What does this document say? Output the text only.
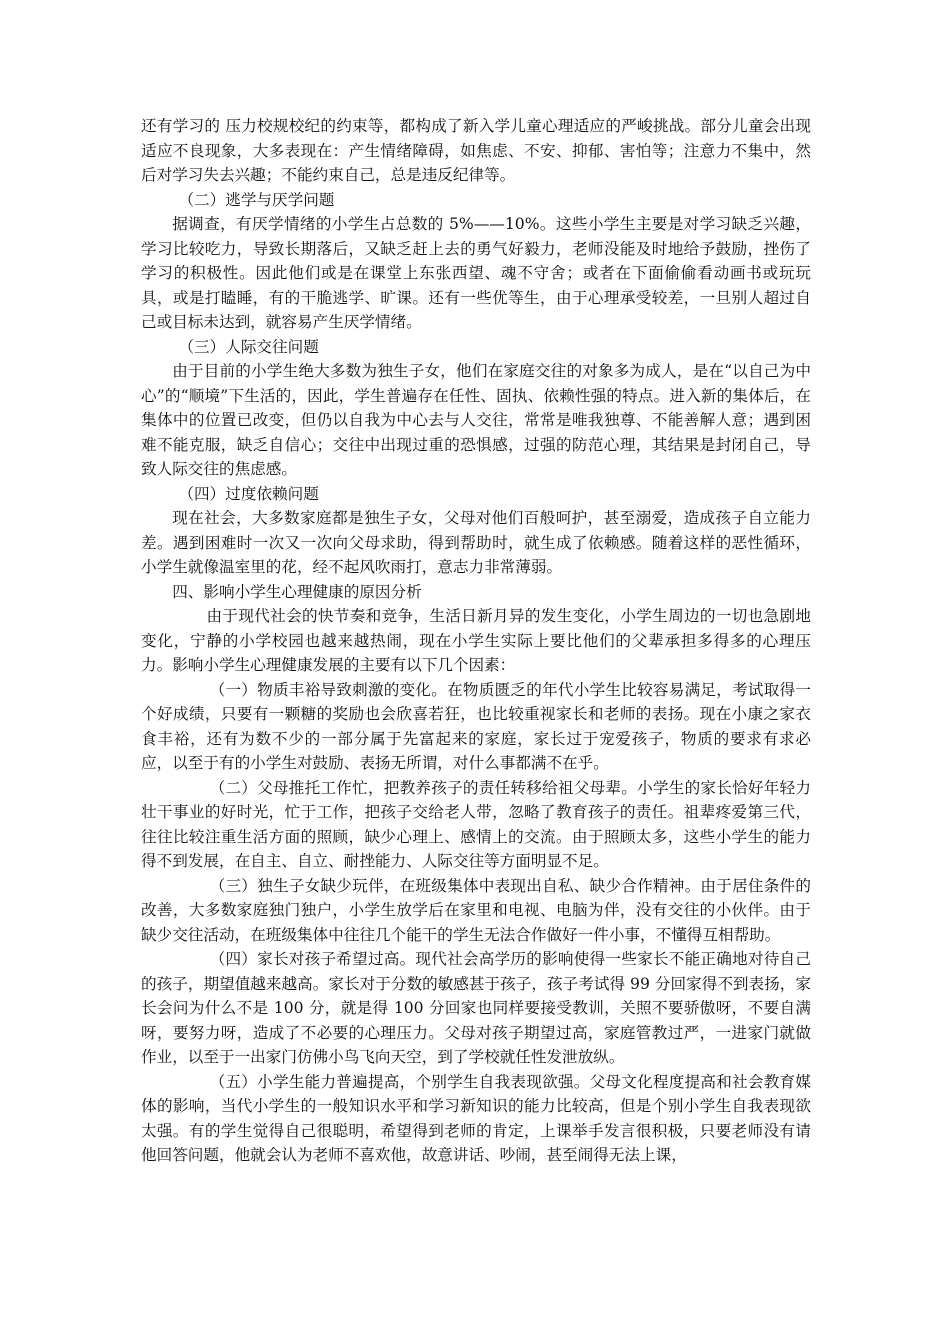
还有学习的 压力校规校纪的约束等，都构成了新入学儿童心理适应的严峻挑战。部分儿童会出现适应不良现象，大多表现在：产生情绪障碍，如焦虑、不安、抑郁、害怕等；注意力不集中，然后对学习失去兴趣；不能约束自己，总是违反纪律等。

（二）逃学与厌学问题

据调查，有厌学情绪的小学生占总数的 5%——10%。这些小学生主要是对学习缺乏兴趣，学习比较吃力，导致长期落后，又缺乏赶上去的勇气好毅力，老师没能及时地给予鼓励，挫伤了学习的积极性。因此他们或是在课堂上东张西望、魂不守舍；或者在下面偷偷看动画书或玩玩具，或是打瞌睡，有的干脆逃学、旷课。还有一些优等生，由于心理承受较差，一旦别人超过自己或目标未达到，就容易产生厌学情绪。

（三）人际交往问题

由于目前的小学生绝大多数为独生子女，他们在家庭交往的对象多为成人，是在“以自己为中心”的“顺境”下生活的，因此，学生普遍存在任性、固执、依赖性强的特点。进入新的集体后，在集体中的位置已改变，但仍以自我为中心去与人交往，常常是唯我独尊、不能善解人意；遇到困难不能克服，缺乏自信心；交往中出现过重的恐惧感，过强的防范心理，其结果是封闭自己，导致人际交往的焦虑感。

（四）过度依赖问题

现在社会，大多数家庭都是独生子女，父母对他们百般呵护，甚至溺爱，造成孩子自立能力差。遇到困难时一次又一次向父母求助，得到帮助时，就生成了依赖感。随着这样的恶性循环，小学生就像温室里的花，经不起风吹雨打，意志力非常薄弱。

四、影响小学生心理健康的原因分析

由于现代社会的快节奏和竞争，生活日新月异的发生变化，小学生周边的一切也急剧地变化，宁静的小学校园也越来越热闹，现在小学生实际上要比他们的父辈承担多得多的心理压力。影响小学生心理健康发展的主要有以下几个因素：

（一）物质丰裕导致刺激的变化。在物质匮乏的年代小学生比较容易满足，考试取得一个好成绩，只要有一颗糖的奖励也会欣喜若狂，也比较重视家长和老师的表扬。现在小康之家衣食丰裕，还有为数不少的一部分属于先富起来的家庭，家长过于宠爱孩子，物质的要求有求必应，以至于有的小学生对鼓励、表扬无所谓，对什么事都满不在乎。

（二）父母推托工作忙，把教养孩子的责任转移给祖父母辈。小学生的家长恰好年轻力壮干事业的好时光，忙于工作，把孩子交给老人带，忽略了教育孩子的责任。祖辈疼爱第三代，往往比较注重生活方面的照顾，缺少心理上、感情上的交流。由于照顾太多，这些小学生的能力得不到发展，在自主、自立、耐挫能力、人际交往等方面明显不足。

（三）独生子女缺少玩伴，在班级集体中表现出自私、缺少合作精神。由于居住条件的改善，大多数家庭独门独户，小学生放学后在家里和电视、电脑为伴，没有交往的小伙伴。由于缺少交往活动，在班级集体中往往几个能干的学生无法合作做好一件小事，不懂得互相帮助。

（四）家长对孩子希望过高。现代社会高学历的影响使得一些家长不能正确地对待自己的孩子，期望值越来越高。家长对于分数的敏感甚于孩子，孩子考试得 99 分回家得不到表扬，家长会问为什么不是 100 分，就是得 100 分回家也同样要接受教训，关照不要骄傲呀，不要自满呀，要努力呀，造成了不必要的心理压力。父母对孩子期望过高，家庭管教过严，一进家门就做作业，以至于一出家门仿佛小鸟飞向天空，到了学校就任性发泄放纵。

（五）小学生能力普遍提高，个别学生自我表现欲强。父母文化程度提高和社会教育媒体的影响，当代小学生的一般知识水平和学习新知识的能力比较高，但是个别小学生自我表现欲太强。有的学生觉得自己很聪明，希望得到老师的肯定，上课举手发言很积极，只要老师没有请他回答问题，他就会认为老师不喜欢他，故意讲话、吵闹，甚至闹得无法上课，
